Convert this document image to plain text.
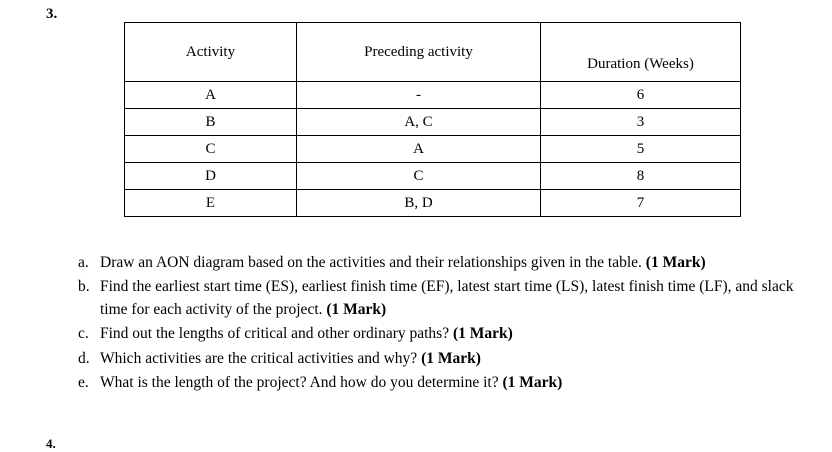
3.
Activity	Preceding activity	Duration (Weeks)
A	-	6
B	A, C	3
C	A	5
D	C	8
E	B, D	7
a. Draw an AON diagram based on the activities and their relationships given in the table. (1 Mark)
b. Find the earliest start time (ES), earliest finish time (EF), latest start time (LS), latest finish time (LF), and slack time for each activity of the project. (1 Mark)
c. Find out the lengths of critical and other ordinary paths? (1 Mark)
d. Which activities are the critical activities and why? (1 Mark)
e. What is the length of the project? And how do you determine it? (1 Mark)
4.
